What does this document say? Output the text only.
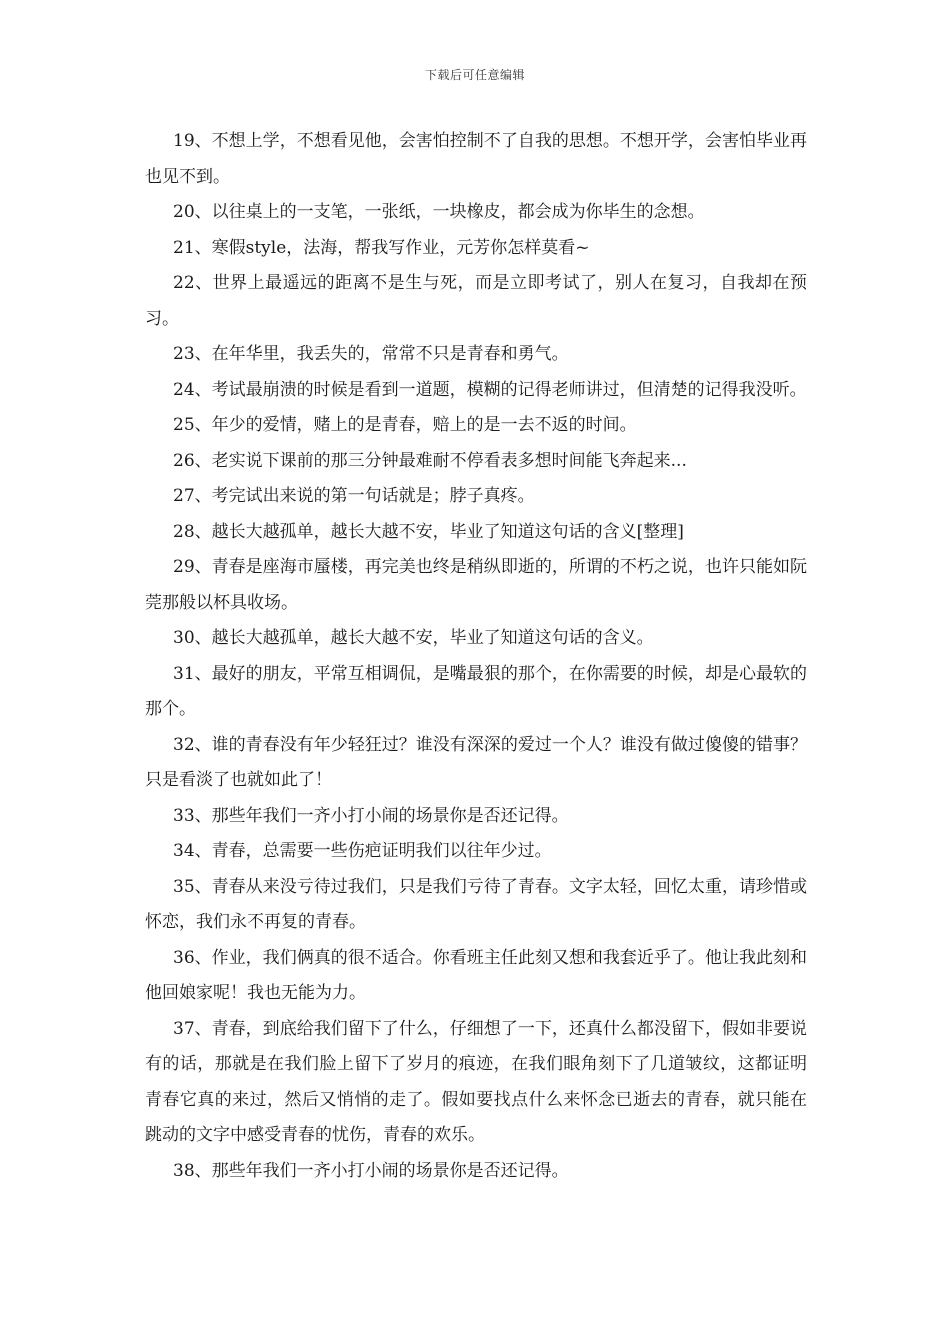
下载后可任意编辑

19、不想上学，不想看见他，会害怕控制不了自我的思想。不想开学，会害怕毕业再也见不到。

20、以往桌上的一支笔，一张纸，一块橡皮，都会成为你毕生的念想。

21、寒假style，法海，帮我写作业，元芳你怎样莫看~

22、世界上最遥远的距离不是生与死，而是立即考试了，别人在复习，自我却在预习。

23、在年华里，我丢失的，常常不只是青春和勇气。

24、考试最崩溃的时候是看到一道题，模糊的记得老师讲过，但清楚的记得我没听。

25、年少的爱情，赌上的是青春，赔上的是一去不返的时间。

26、老实说下课前的那三分钟最难耐不停看表多想时间能飞奔起来...

27、考完试出来说的第一句话就是；脖子真疼。

28、越长大越孤单，越长大越不安，毕业了知道这句话的含义[整理]

29、青春是座海市蜃楼，再完美也终是稍纵即逝的，所谓的不朽之说，也许只能如阮莞那般以杯具收场。

30、越长大越孤单，越长大越不安，毕业了知道这句话的含义。

31、最好的朋友，平常互相调侃，是嘴最狠的那个，在你需要的时候，却是心最软的那个。

32、谁的青春没有年少轻狂过？谁没有深深的爱过一个人？谁没有做过傻傻的错事？只是看淡了也就如此了！

33、那些年我们一齐小打小闹的场景你是否还记得。

34、青春，总需要一些伤疤证明我们以往年少过。

35、青春从来没亏待过我们，只是我们亏待了青春。文字太轻，回忆太重，请珍惜或怀恋，我们永不再复的青春。

36、作业，我们俩真的很不适合。你看班主任此刻又想和我套近乎了。他让我此刻和他回娘家呢！我也无能为力。

37、青春，到底给我们留下了什么，仔细想了一下，还真什么都没留下，假如非要说有的话，那就是在我们脸上留下了岁月的痕迹，在我们眼角刻下了几道皱纹，这都证明青春它真的来过，然后又悄悄的走了。假如要找点什么来怀念已逝去的青春，就只能在跳动的文字中感受青春的忧伤，青春的欢乐。

38、那些年我们一齐小打小闹的场景你是否还记得。
